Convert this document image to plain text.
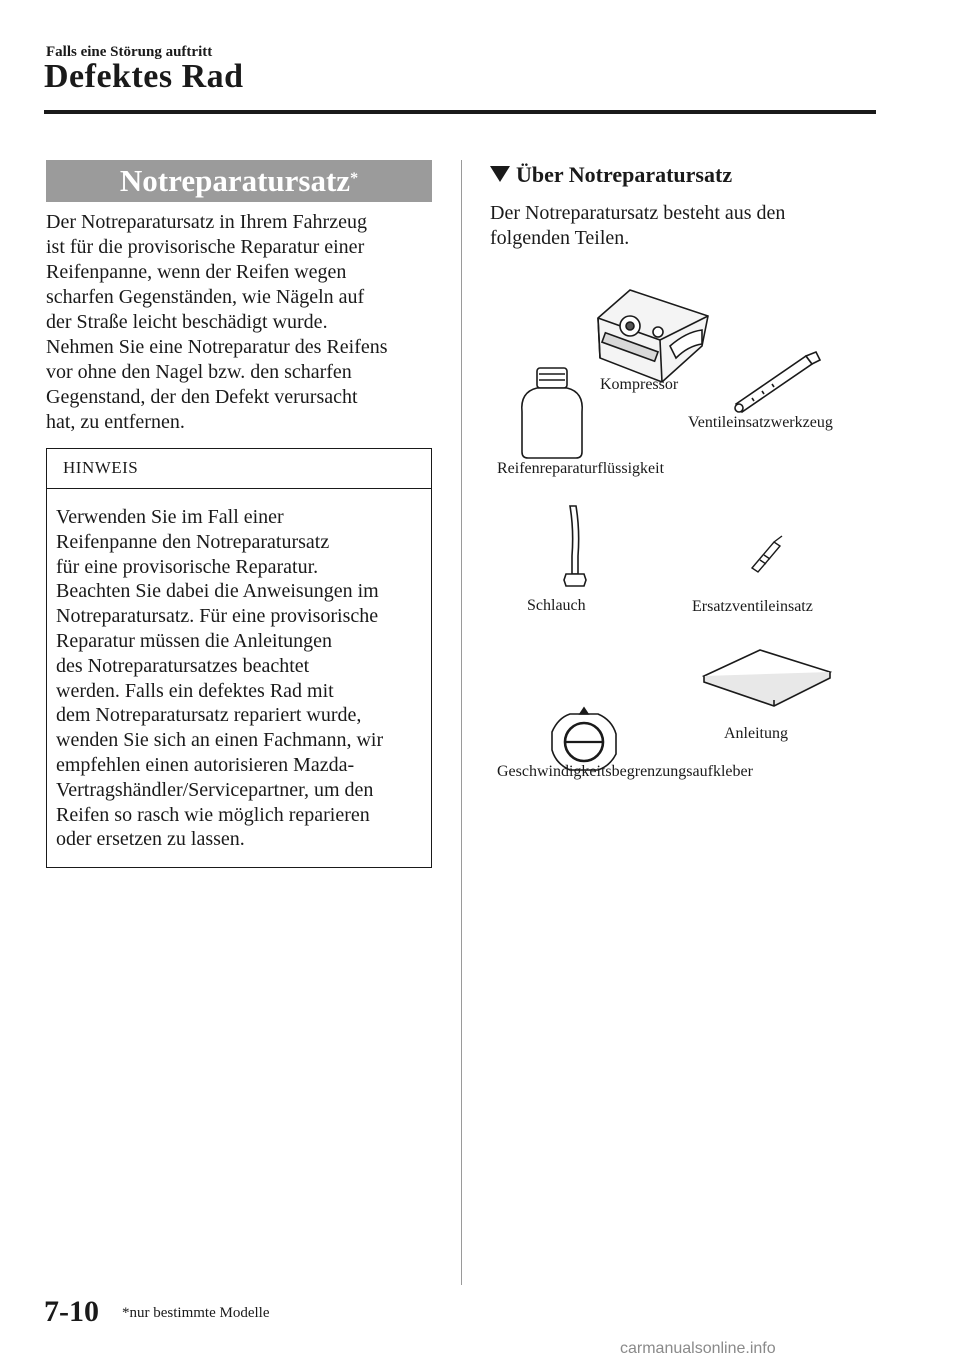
Falls eine Störung auftritt
Defektes Rad
Notreparatursatz*
Der Notreparatursatz in Ihrem Fahrzeug
ist für die provisorische Reparatur einer
Reifenpanne, wenn der Reifen wegen
scharfen Gegenständen, wie Nägeln auf
der Straße leicht beschädigt wurde.
Nehmen Sie eine Notreparatur des Reifens
vor ohne den Nagel bzw. den scharfen
Gegenstand, der den Defekt verursacht
hat, zu entfernen.
HINWEIS
Verwenden Sie im Fall einer
Reifenpanne den Notreparatursatz
für eine provisorische Reparatur.
Beachten Sie dabei die Anweisungen im
Notreparatursatz. Für eine provisorische
Reparatur müssen die Anleitungen
des Notreparatursatzes beachtet
werden. Falls ein defektes Rad mit
dem Notreparatursatz repariert wurde,
wenden Sie sich an einen Fachmann, wir
empfehlen einen autorisieren Mazda-
Vertragshändler/Servicepartner, um den
Reifen so rasch wie möglich reparieren
oder ersetzen zu lassen.
Über Notreparatursatz
Der Notreparatursatz besteht aus den
folgenden Teilen.
Kompressor
Ventileinsatzwerkzeug
Reifenreparaturflüssigkeit
Schlauch	Ersatzventileinsatz
Anleitung
Geschwindigkeitsbegrenzungsaufkleber
7-10 *nur bestimmte Modelle
carmanualsonline.info
